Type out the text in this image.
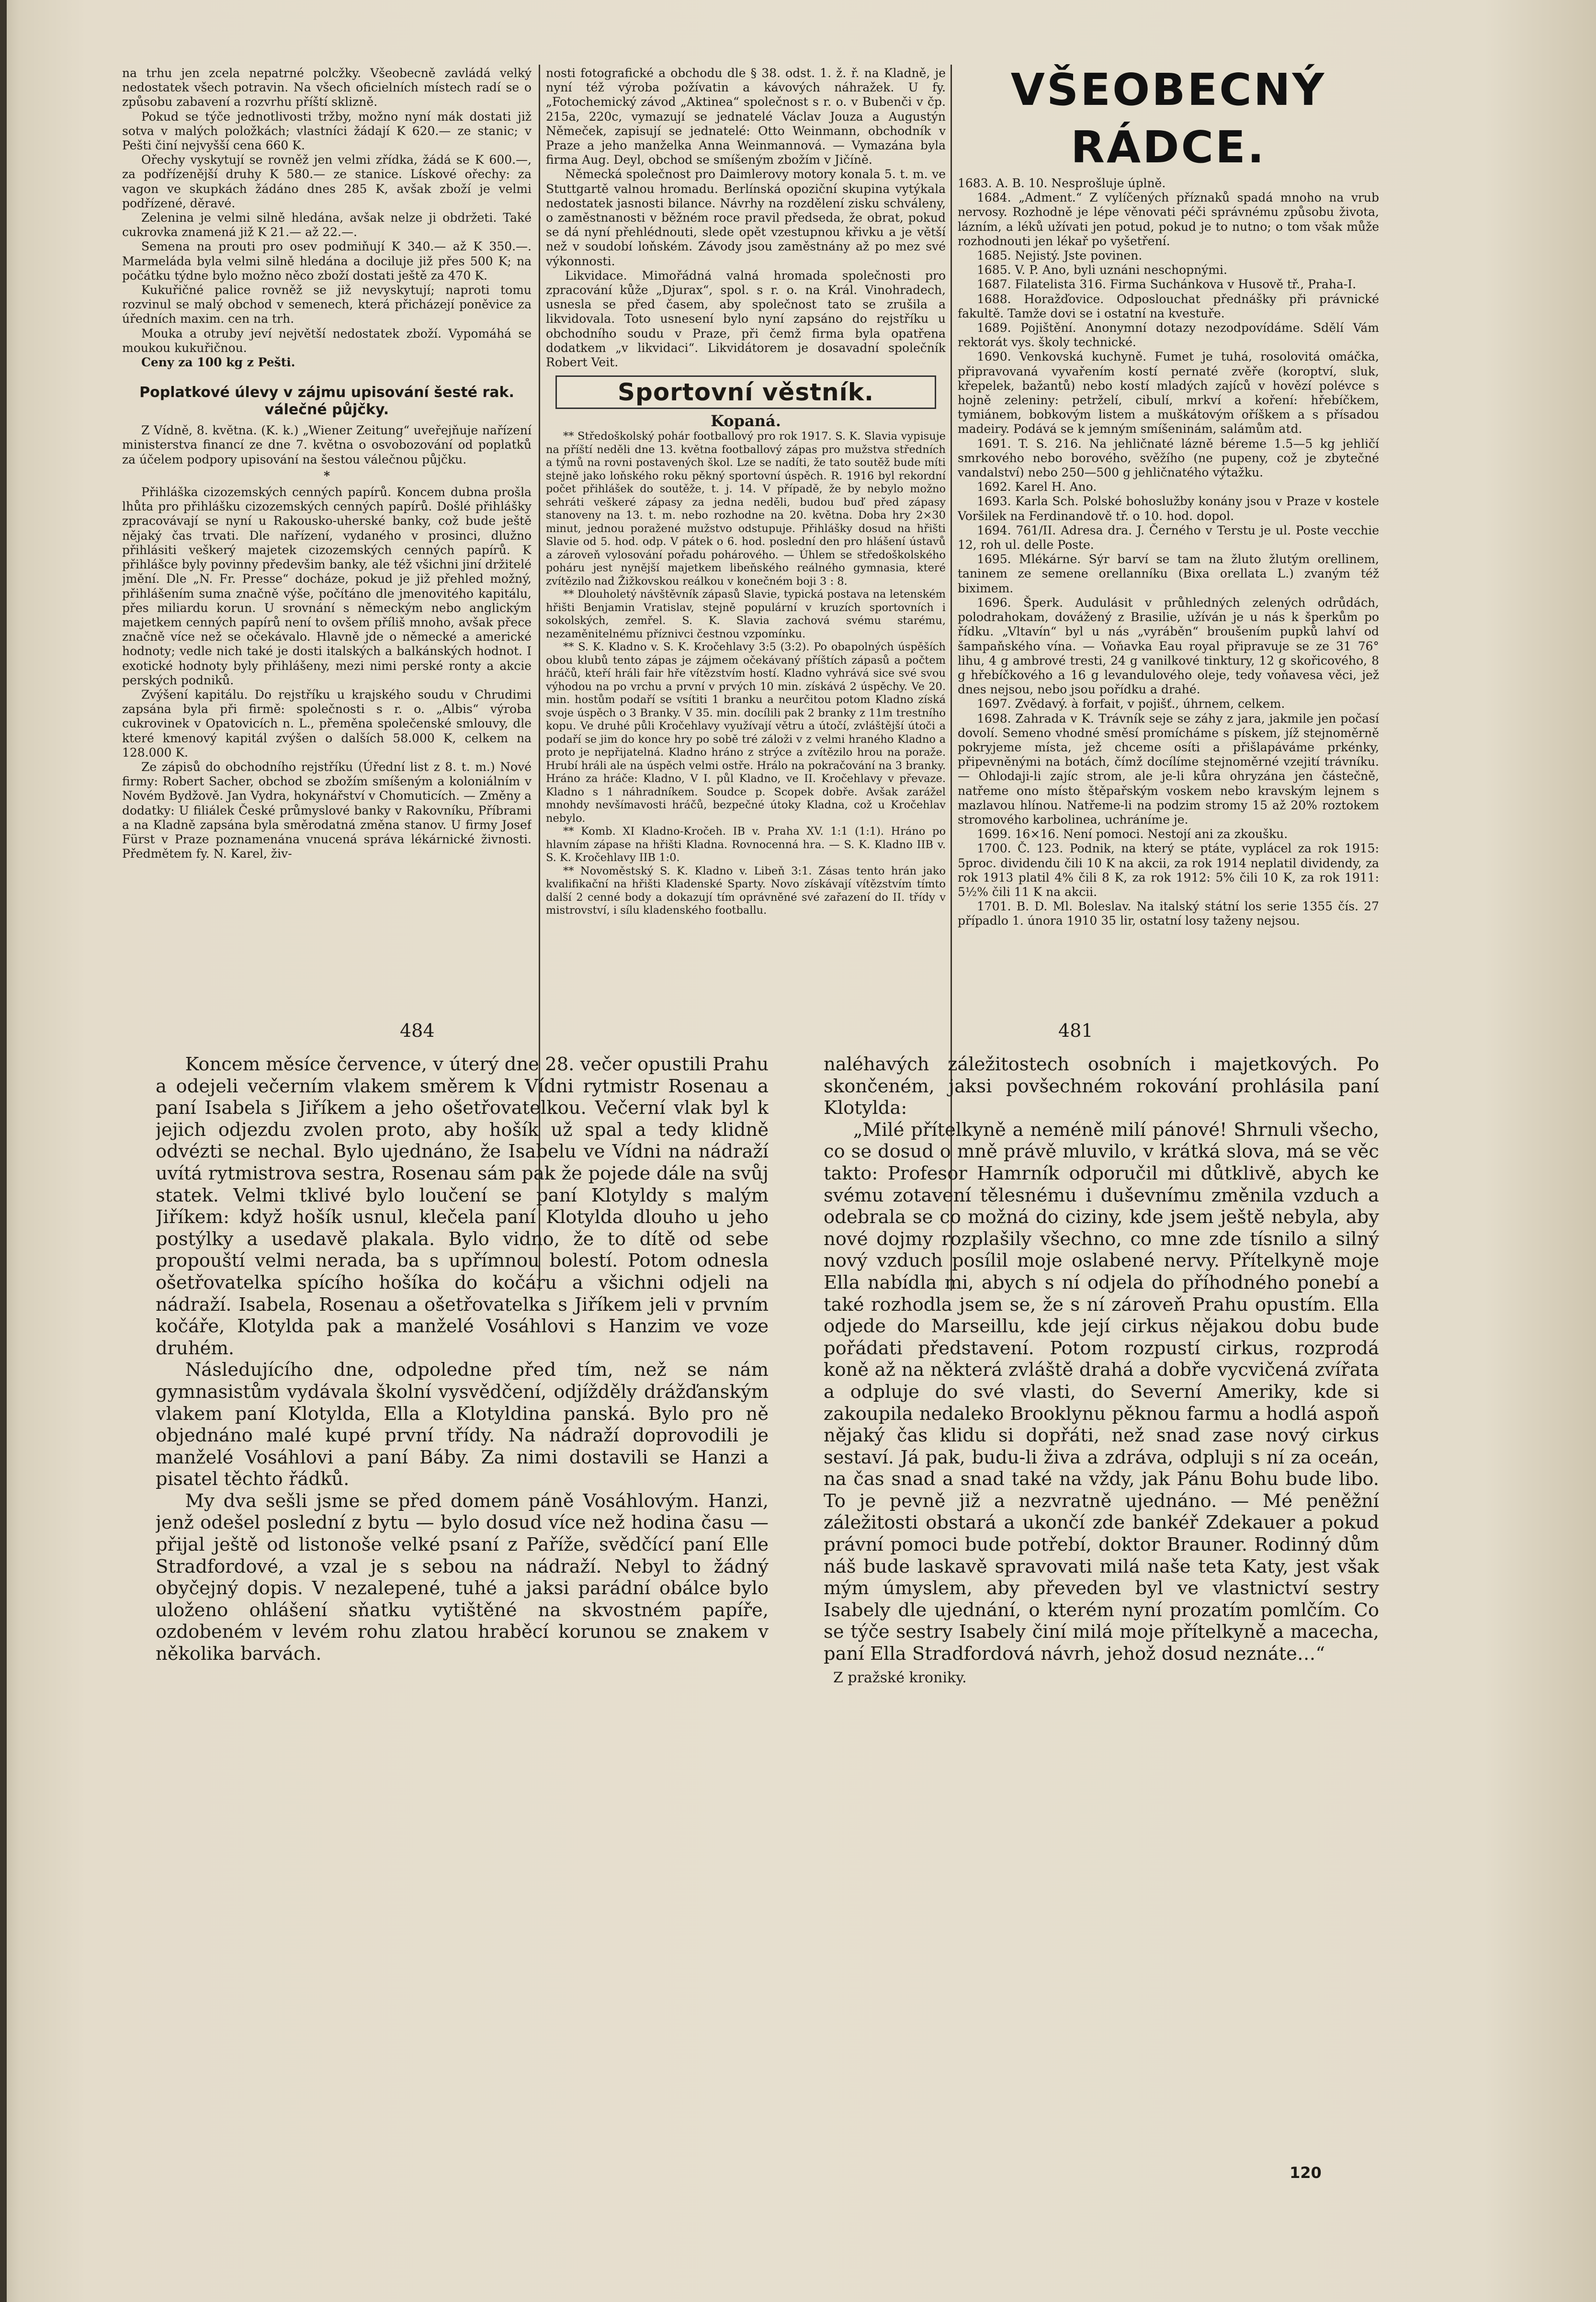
na trhu jen zcela nepatrné polcžky. Všeobecně zavládá velký nedostatek všech potravin. Na všech oficielních místech radí se o způsobu zabavení a rozvrhu příští sklizně.

Pokud se týče jednotlivosti tržby, možno nyní mák dostati již sotva v malých položkách; vlastníci žádají K 620.— ze stanic; v Pešti činí nejvyšší cena 660 K.

Ořechy vyskytují se rovněž jen velmi zřídka, žádá se K 600.—, za podřízenější druhy K 580.— ze stanice. Lískové ořechy: za vagon ve skupkách žádáno dnes 285 K, avšak zboží je velmi podřízené, děravé.

Zelenina je velmi silně hledána, avšak nelze ji obdržeti. Také cukrovka znamená již K 21.— až 22.—.

Semena na prouti pro osev podmiňují K 340.— až K 350.—. Marmeláda byla velmi silně hledána a dociluje již přes 500 K; na počátku týdne bylo možno něco zboží dostati ještě za 470 K.

Kukuřičné palice rovněž se již nevyskytují; naproti tomu rozvinul se malý obchod v semenech, která přicházejí poněvice za úředních maxim. cen na trh.

Mouka a otruby jeví největší nedostatek zboží. Vypomáhá se moukou kukuřičnou.

Ceny za 100 kg z Pešti.

Poplatkové úlevy v zájmu upisování šesté rak. válečné půjčky.

Z Vídně, 8. května. (K. k.) „Wiener Zeitung“ uveřejňuje nařízení ministerstva financí ze dne 7. května o osvobozování od poplatků za účelem podpory upisování na šestou válečnou půjčku.

*

Přihláška cizozemských cenných papírů. Koncem dubna prošla lhůta pro přihlášku cizozemských cenných papírů. Došlé přihlášky zpracovávají se nyní u Rakousko-uherské banky, což bude ještě nějaký čas trvati. Dle nařízení, vydaného v prosinci, dlužno přihlásiti veškerý majetek cizozemských cenných papírů. K přihlášce byly povinny předevšim banky, ale též všichni jiní držitelé jmění. Dle „N. Fr. Presse“ docháze, pokud je již přehled možný, přihlášením suma značně výše, počítáno dle jmenovitého kapitálu, přes miliardu korun. U srovnání s německým nebo anglickým majetkem cenných papírů není to ovšem příliš mnoho, avšak přece značně více než se očekávalo. Hlavně jde o německé a americké hodnoty; vedle nich také je dosti italských a balkánských hodnot. I exotické hodnoty byly přihlášeny, mezi nimi perské ronty a akcie perských podniků.

Zvýšení kapitálu. Do rejstříku u krajského soudu v Chrudimi zapsána byla při firmě: společnosti s r. o. „Albis“ výroba cukrovinek v Opatovicích n. L., přeměna společenské smlouvy, dle které kmenový kapitál zvýšen o dalších 58.000 K, celkem na 128.000 K.

Ze zápisů do obchodního rejstříku (Úřední list z 8. t. m.) Nové firmy: Robert Sacher, obchod se zbožím smíšeným a koloniálním v Novém Bydžově. Jan Vydra, hokynářství v Chomuticích. — Změny a dodatky: U filiálek České průmyslové banky v Rakovníku, Příbrami a na Kladně zapsána byla směrodatná změna stanov. U firmy Josef Fürst v Praze poznamenána vnucená správa lékárnické živnosti. Předmětem fy. N. Karel, živ-

nosti fotografické a obchodu dle § 38. odst. 1. ž. ř. na Kladně, je nyní též výroba požívatin a kávových náhražek. U fy. „Fotochemický závod „Aktinea“ společnost s r. o. v Bubenči v čp. 215a, 220c, vymazují se jednatelé Václav Jouza a Augustýn Němeček, zapisují se jednatelé: Otto Weinmann, obchodník v Praze a jeho manželka Anna Weinmannová. — Vymazána byla firma Aug. Deyl, obchod se smíšeným zbožím v Jičíně.

Německá společnost pro Daimlerovy motory konala 5. t. m. ve Stuttgartě valnou hromadu. Berlínská opoziční skupina vytýkala nedostatek jasnosti bilance. Návrhy na rozdělení zisku schváleny, o zaměstnanosti v běžném roce pravil předseda, že obrat, pokud se dá nyní přehlédnouti, slede opět vzestupnou křivku a je větší než v soudobí loňském. Závody jsou zaměstnány až po mez své výkonnosti.

Likvidace. Mimořádná valná hromada společnosti pro zpracování kůže „Djurax“, spol. s r. o. na Král. Vinohradech, usnesla se před časem, aby společnost tato se zrušila a likvidovala. Toto usnesení bylo nyní zapsáno do rejstříku u obchodního soudu v Praze, při čemž firma byla opatřena dodatkem „v likvidaci“. Likvidátorem je dosavadní společník Robert Veit.

Sportovní věstník.
Kopaná.

** Středoškolský pohár footballový pro rok 1917. S. K. Slavia vypisuje na příští neděli dne 13. května footballový zápas pro mužstva středních a týmů na rovni postavených škol. Lze se nadíti, že tato soutěž bude míti stejně jako loňského roku pěkný sportovní úspěch. R. 1916 byl rekordní počet přihlášek do soutěže, t. j. 14. V případě, že by nebylo možno sehráti veškeré zápasy za jedna neděli, budou buď před zápasy stanoveny na 13. t. m. nebo rozhodne na 20. května. Doba hry 2×30 minut, jednou poražené mužstvo odstupuje. Přihlášky dosud na hřišti Slavie od 5. hod. odp. V pátek o 6. hod. poslední den pro hlášení ústavů a zároveň vylosování pořadu pohárového. — Úhlem se středoškolského poháru jest nynější majetkem libeňského reálného gymnasia, které zvítězilo nad Žižkovskou reálkou v konečném boji 3 : 8.

** Dlouholetý návštěvník zápasů Slavie, typická postava na letenském hřišti Benjamin Vratislav, stejně populární v kruzích sportovních i sokolských, zemřel. S. K. Slavia zachová svému starému, nezaměnitelnému příznivci čestnou vzpomínku.

** S. K. Kladno v. S. K. Kročehlavy 3:5 (3:2). Po obapolných úspěších obou klubů tento zápas je zájmem očekávaný příštích zápasů a počtem hráčů, kteří hráli fair hře vítězstvím hostí. Kladno vyhrává sice své svou výhodou na po vrchu a první v prvých 10 min. získává 2 úspěchy. Ve 20. min. hostům podaří se vsítiti 1 branku a neurčitou potom Kladno získá svoje úspěch o 3 Branky. V 35. min. docílili pak 2 branky z 11m trestního kopu. Ve druhé půli Kročehlavy využívají větru a útočí, zvláštější útoči a podaří se jim do konce hry po sobě tré záloži v z velmi hraného Kladno a proto je nepřijatelná. Kladno hráno z strýce a zvítězilo hrou na poraže. Hrubí hráli ale na úspěch velmi ostře. Hrálo na pokračování na 3 branky. Hráno za hráče: Kladno, V I. půl Kladno, ve II. Kročehlavy v převaze. Kladno s 1 náhradníkem. Soudce p. Scopek dobře. Avšak zarážel mnohdy nevšímavosti hráčů, bezpečné útoky Kladna, což u Kročehlav nebylo.

** Komb. XI Kladno-Kročeh. IB v. Praha XV. 1:1 (1:1). Hráno po hlavním zápase na hřišti Kladna. Rovnocenná hra. — S. K. Kladno IIB v. S. K. Kročehlavy IIB 1:0.

** Novoměstský S. K. Kladno v. Libeň 3:1. Zásas tento hrán jako kvalifikační na hřišti Kladenské Sparty. Novo získávají vítězstvím tímto další 2 cenné body a dokazují tím oprávněné své zařazení do II. třídy v mistrovství, i sílu kladenského footballu.

VŠEOBECNÝ RÁDCE.

1683. A. B. 10. Nesprošluje úplně.

1684. „Adment.“ Z vylíčených příznaků spadá mnoho na vrub nervosy. Rozhodně je lépe věnovati péči správnému způsobu života, lázním, a léků užívati jen potud, pokud je to nutno; o tom však může rozhodnouti jen lékař po vyšetření.

1685. Nejistý. Jste povinen.

1685. V. P. Ano, byli uznáni neschopnými.

1687. Filatelista 316. Firma Suchánkova v Husově tř., Praha-I.

1688. Horažďovice. Odposlouchat přednášky při právnické fakultě. Tamže dovi se i ostatní na kvestuře.

1689. Pojištění. Anonymní dotazy nezodpovídáme. Sdělí Vám rektorát vys. školy technické.

1690. Venkovská kuchyně. Fumet je tuhá, rosolovitá omáčka, připravovaná vyvařením kostí pernaté zvěře (koroptví, sluk, křepelek, bažantů) nebo kostí mladých zajíců v hovězí polévce s hojně zeleniny: petrželí, cibulí, mrkví a koření: hřebíčkem, tymiánem, bobkovým listem a muškátovým oříškem a s přísadou madeiry. Podává se k jemným smíšeninám, salámům atd.

1691. T. S. 216. Na jehličnaté lázně béreme 1.5—5 kg jehličí smrkového nebo borového, svěžího (ne pupeny, což je zbytečné vandalství) nebo 250—500 g jehličnatého výtažku.

1692. Karel H. Ano.

1693. Karla Sch. Polské bohoslužby konány jsou v Praze v kostele Voršilek na Ferdinandově tř. o 10. hod. dopol.

1694. 761/II. Adresa dra. J. Černého v Terstu je ul. Poste vecchie 12, roh ul. delle Poste.

1695. Mlékárne. Sýr barví se tam na žluto žlutým orellinem, taninem ze semene orellanníku (Bixa orellata L.) zvaným též biximem.

1696. Šperk. Audulásit v průhledných zelených odrůdách, polodrahokam, dovážený z Brasilie, užíván je u nás k šperkům po řídku. „Vltavín“ byl u nás „vyráběn“ broušením pupků lahví od šampaňského vína. — Voňavka Eau royal připravuje se ze 31 76° lihu, 4 g ambrové tresti, 24 g vanilkové tinktury, 12 g skořicového, 8 g hřebíčkového a 16 g levandulového oleje, tedy voňavesa věci, jež dnes nejsou, nebo jsou pořídku a drahé.

1697. Zvědavý. à forfait, v pojišť., úhrnem, celkem.

1698. Zahrada v K. Trávník seje se záhy z jara, jakmile jen počasí dovolí. Semeno vhodné směsí promícháme s pískem, jíž stejnoměrně pokryjeme místa, jež chceme osíti a přišlapáváme prkénky, připevněnými na botách, čímž docílíme stejnoměrné vzejití trávníku. — Ohlodaji-li zajíc strom, ale je-li kůra ohryzána jen částečně, natřeme ono místo štěpařským voskem nebo kravským lejnem s mazlavou hlínou. Natřeme-li na podzim stromy 15 až 20% roztokem stromového karbolinea, uchráníme je.

1699. 16×16. Není pomoci. Nestojí ani za zkoušku.

1700. Č. 123. Podnik, na který se ptáte, vyplácel za rok 1915: 5proc. dividendu čili 10 K na akcii, za rok 1914 neplatil dividendy, za rok 1913 platil 4% čili 8 K, za rok 1912: 5% čili 10 K, za rok 1911: 5½% čili 11 K na akcii.

1701. B. D. Ml. Boleslav. Na italský státní los serie 1355 čís. 27 případlo 1. února 1910 35 lir, ostatní losy taženy nejsou.

484	481

Koncem měsíce července, v úterý dne 28. večer opustili Prahu a odejeli večerním vlakem směrem k Vídni rytmistr Rosenau a paní Isabela s Jiříkem a jeho ošetřovatelkou. Večerní vlak byl k jejich odjezdu zvolen proto, aby hošík už spal a tedy klidně odvézti se nechal. Bylo ujednáno, že Isabelu ve Vídni na nádraží uvítá rytmistrova sestra, Rosenau sám pak že pojede dále na svůj statek. Velmi tklivé bylo loučení se paní Klotyldy s malým Jiříkem: když hošík usnul, klečela paní Klotylda dlouho u jeho postýlky a usedavě plakala. Bylo vidno, že to dítě od sebe propouští velmi nerada, ba s upřímnou bolestí. Potom odnesla ošetřovatelka spícího hošíka do kočáru a všichni odjeli na nádraží. Isabela, Rosenau a ošetřovatelka s Jiříkem jeli v prvním kočáře, Klotylda pak a manželé Vosáhlovi s Hanzim ve voze druhém.

Následujícího dne, odpoledne před tím, než se nám gymnasistům vydávala školní vysvědčení, odjížděly drážďanským vlakem paní Klotylda, Ella a Klotyldina panská. Bylo pro ně objednáno malé kupé první třídy. Na nádraží doprovodili je manželé Vosáhlovi a paní Báby. Za nimi dostavili se Hanzi a pisatel těchto řádků.

My dva sešli jsme se před domem páně Vosáhlovým. Hanzi, jenž odešel poslední z bytu — bylo dosud více než hodina času — přijal ještě od listonoše velké psaní z Paříže, svědčící paní Elle Stradfordové, a vzal je s sebou na nádraží. Nebyl to žádný obyčejný dopis. V nezalepené, tuhé a jaksi parádní obálce bylo uloženo ohlášení sňatku vytištěné na skvostném papíře, ozdobeném v levém rohu zlatou hraběcí korunou se znakem v několika barvách.

naléhavých záležitostech osobních i majetkových. Po skončeném, jaksi povšechném rokování prohlásila paní Klotylda:

„Milé přítelkyně a neméně milí pánové! Shrnuli všecho, co se dosud o mně právě mluvilo, v krátká slova, má se věc takto: Profesor Hamrník odporučil mi důtklivě, abych ke svému zotavení tělesnému i duševnímu změnila vzduch a odebrala se co možná do ciziny, kde jsem ještě nebyla, aby nové dojmy rozplašily všechno, co mne zde tísnilo a silný nový vzduch posílil moje oslabené nervy. Přítelkyně moje Ella nabídla mi, abych s ní odjela do příhodného ponebí a také rozhodla jsem se, že s ní zároveň Prahu opustím. Ella odjede do Marseillu, kde její cirkus nějakou dobu bude pořádati představení. Potom rozpustí cirkus, rozprodá koně až na některá zvláště drahá a dobře vycvičená zvířata a odpluje do své vlasti, do Severní Ameriky, kde si zakoupila nedaleko Brooklynu pěknou farmu a hodlá aspoň nějaký čas klidu si dopřáti, než snad zase nový cirkus sestaví. Já pak, budu-li živa a zdráva, odpluji s ní za oceán, na čas snad a snad také na vždy, jak Pánu Bohu bude libo. To je pevně již a nezvratně ujednáno. — Mé peněžní záležitosti obstará a ukončí zde bankéř Zdekauer a pokud právní pomoci bude potřebí, doktor Brauner. Rodinný dům náš bude laskavě spravovati milá naše teta Katy, jest však mým úmyslem, aby převeden byl ve vlastnictví sestry Isabely dle ujednání, o kterém nyní prozatím pomlčím. Co se týče sestry Isabely činí milá moje přítelkyně a macecha, paní Ella Stradfordová návrh, jehož dosud neznáte…“

Z pražské kroniky.

120
